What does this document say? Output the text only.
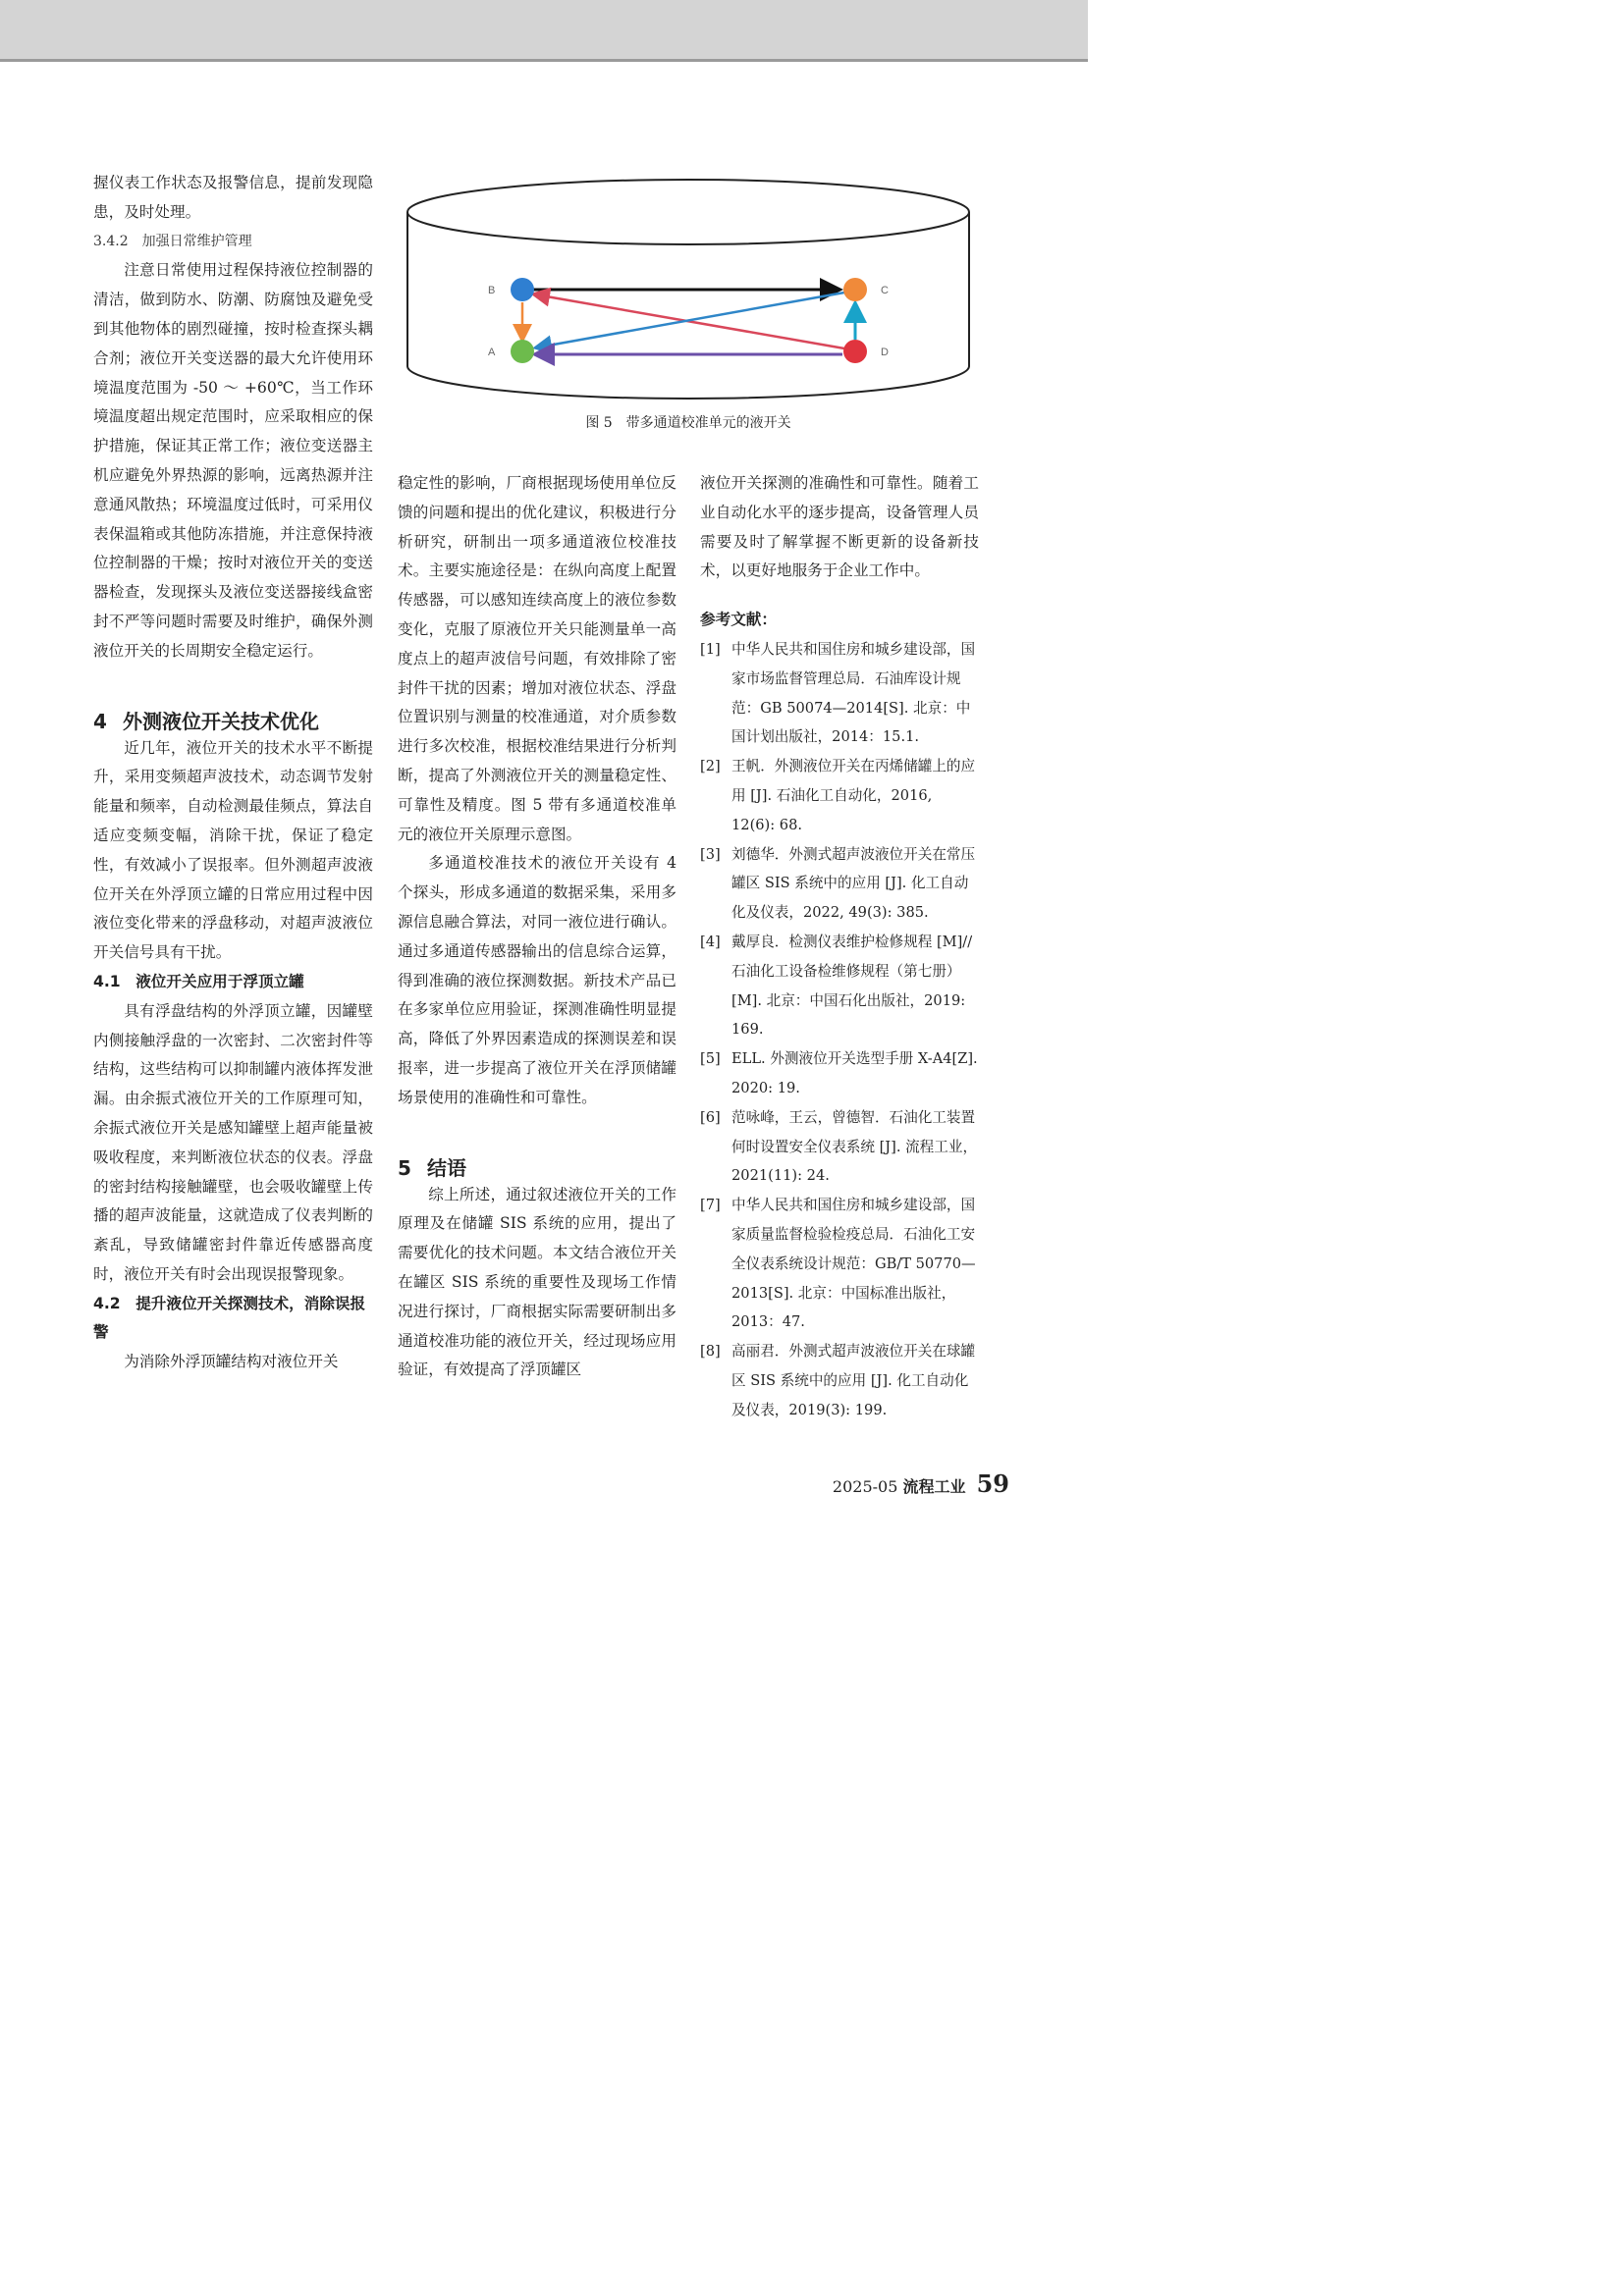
握仪表工作状态及报警信息，提前发现隐患，及时处理。

3.4.2　加强日常维护管理

注意日常使用过程保持液位控制器的清洁，做到防水、防潮、防腐蚀及避免受到其他物体的剧烈碰撞，按时检查探头耦合剂；液位开关变送器的最大允许使用环境温度范围为 -50 ～ +60℃，当工作环境温度超出规定范围时，应采取相应的保护措施，保证其正常工作；液位变送器主机应避免外界热源的影响，远离热源并注意通风散热；环境温度过低时，可采用仪表保温箱或其他防冻措施，并注意保持液位控制器的干燥；按时对液位开关的变送器检查，发现探头及液位变送器接线盒密封不严等问题时需要及时维护，确保外测液位开关的长周期安全稳定运行。

4 外测液位开关技术优化

近几年，液位开关的技术水平不断提升，采用变频超声波技术，动态调节发射能量和频率，自动检测最佳频点，算法自适应变频变幅，消除干扰，保证了稳定性，有效减小了误报率。但外测超声波液位开关在外浮顶立罐的日常应用过程中因液位变化带来的浮盘移动，对超声波液位开关信号具有干扰。

4.1　液位开关应用于浮顶立罐

具有浮盘结构的外浮顶立罐，因罐壁内侧接触浮盘的一次密封、二次密封件等结构，这些结构可以抑制罐内液体挥发泄漏。由余振式液位开关的工作原理可知，余振式液位开关是感知罐壁上超声能量被吸收程度，来判断液位状态的仪表。浮盘的密封结构接触罐壁，也会吸收罐壁上传播的超声波能量，这就造成了仪表判断的紊乱，导致储罐密封件靠近传感器高度时，液位开关有时会出现误报警现象。

4.2　提升液位开关探测技术，消除误报警

为消除外浮顶罐结构对液位开关

B
A
C
D
图 5　带多通道校准单元的液开关

稳定性的影响，厂商根据现场使用单位反馈的问题和提出的优化建议，积极进行分析研究，研制出一项多通道液位校准技术。主要实施途径是：在纵向高度上配置传感器，可以感知连续高度上的液位参数变化，克服了原液位开关只能测量单一高度点上的超声波信号问题，有效排除了密封件干扰的因素；增加对液位状态、浮盘位置识别与测量的校准通道，对介质参数进行多次校准，根据校准结果进行分析判断，提高了外测液位开关的测量稳定性、可靠性及精度。图 5 带有多通道校准单元的液位开关原理示意图。

多通道校准技术的液位开关设有 4 个探头，形成多通道的数据采集，采用多源信息融合算法，对同一液位进行确认。通过多通道传感器输出的信息综合运算，得到准确的液位探测数据。新技术产品已在多家单位应用验证，探测准确性明显提高，降低了外界因素造成的探测误差和误报率，进一步提高了液位开关在浮顶储罐场景使用的准确性和可靠性。

5 结语

综上所述，通过叙述液位开关的工作原理及在储罐 SIS 系统的应用，提出了需要优化的技术问题。本文结合液位开关在罐区 SIS 系统的重要性及现场工作情况进行探讨，厂商根据实际需要研制出多通道校准功能的液位开关，经过现场应用验证，有效提高了浮顶罐区

液位开关探测的准确性和可靠性。随着工业自动化水平的逐步提高，设备管理人员需要及时了解掌握不断更新的设备新技术，以更好地服务于企业工作中。

参考文献：

[1] 中华人民共和国住房和城乡建设部，国家市场监督管理总局．石油库设计规范：GB 50074—2014[S]. 北京：中国计划出版社，2014：15.1.

[2] 王帆．外测液位开关在丙烯储罐上的应用 [J]. 石油化工自动化，2016, 12(6): 68.

[3] 刘德华．外测式超声波液位开关在常压罐区 SIS 系统中的应用 [J]. 化工自动化及仪表，2022, 49(3): 385.

[4] 戴厚良．检测仪表维护检修规程 [M]// 石油化工设备检维修规程（第七册）[M]. 北京：中国石化出版社，2019: 169.

[5] ELL. 外测液位开关选型手册 X-A4[Z]. 2020: 19.

[6] 范咏峰，王云，曾德智．石油化工装置何时设置安全仪表系统 [J]. 流程工业，2021(11): 24.

[7] 中华人民共和国住房和城乡建设部，国家质量监督检验检疫总局．石油化工安全仪表系统设计规范：GB/T 50770—2013[S]. 北京：中国标准出版社，2013：47.

[8] 高丽君．外测式超声波液位开关在球罐区 SIS 系统中的应用 [J]. 化工自动化及仪表，2019(3): 199.

2025-05 流程工业 59
